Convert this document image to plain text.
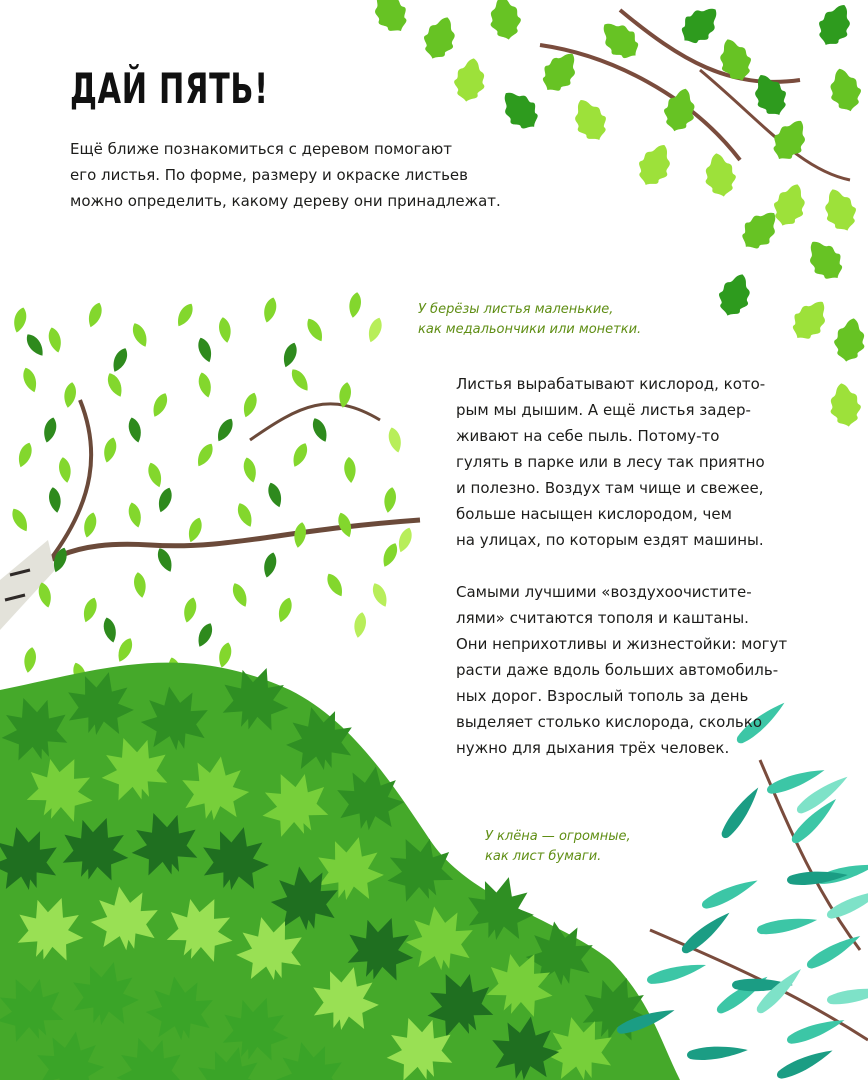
ДАЙ ПЯТЬ!

Ещё ближе познакомиться с деревом помогают

его листья. По форме, размеру и окраске листьев

можно определить, какому дереву они принадлежат.

У берёзы листья маленькие,

как медальончики или монетки.

Листья вырабатывают кислород, кото-

рым мы дышим. А ещё листья задер-

живают на себе пыль. Потому-то

гулять в парке или в лесу так приятно

и полезно. Воздух там чище и свежее,

больше насыщен кислородом, чем

на улицах, по которым ездят машины.

Самыми лучшими «воздухоочистите-

лями» считаются тополя и каштаны.

Они неприхотливы и жизнестойки: могут

расти даже вдоль больших автомобиль-

ных дорог. Взрослый тополь за день

выделяет столько кислорода, сколько

нужно для дыхания трёх человек.

У клёна — огромные,

как лист бумаги.
